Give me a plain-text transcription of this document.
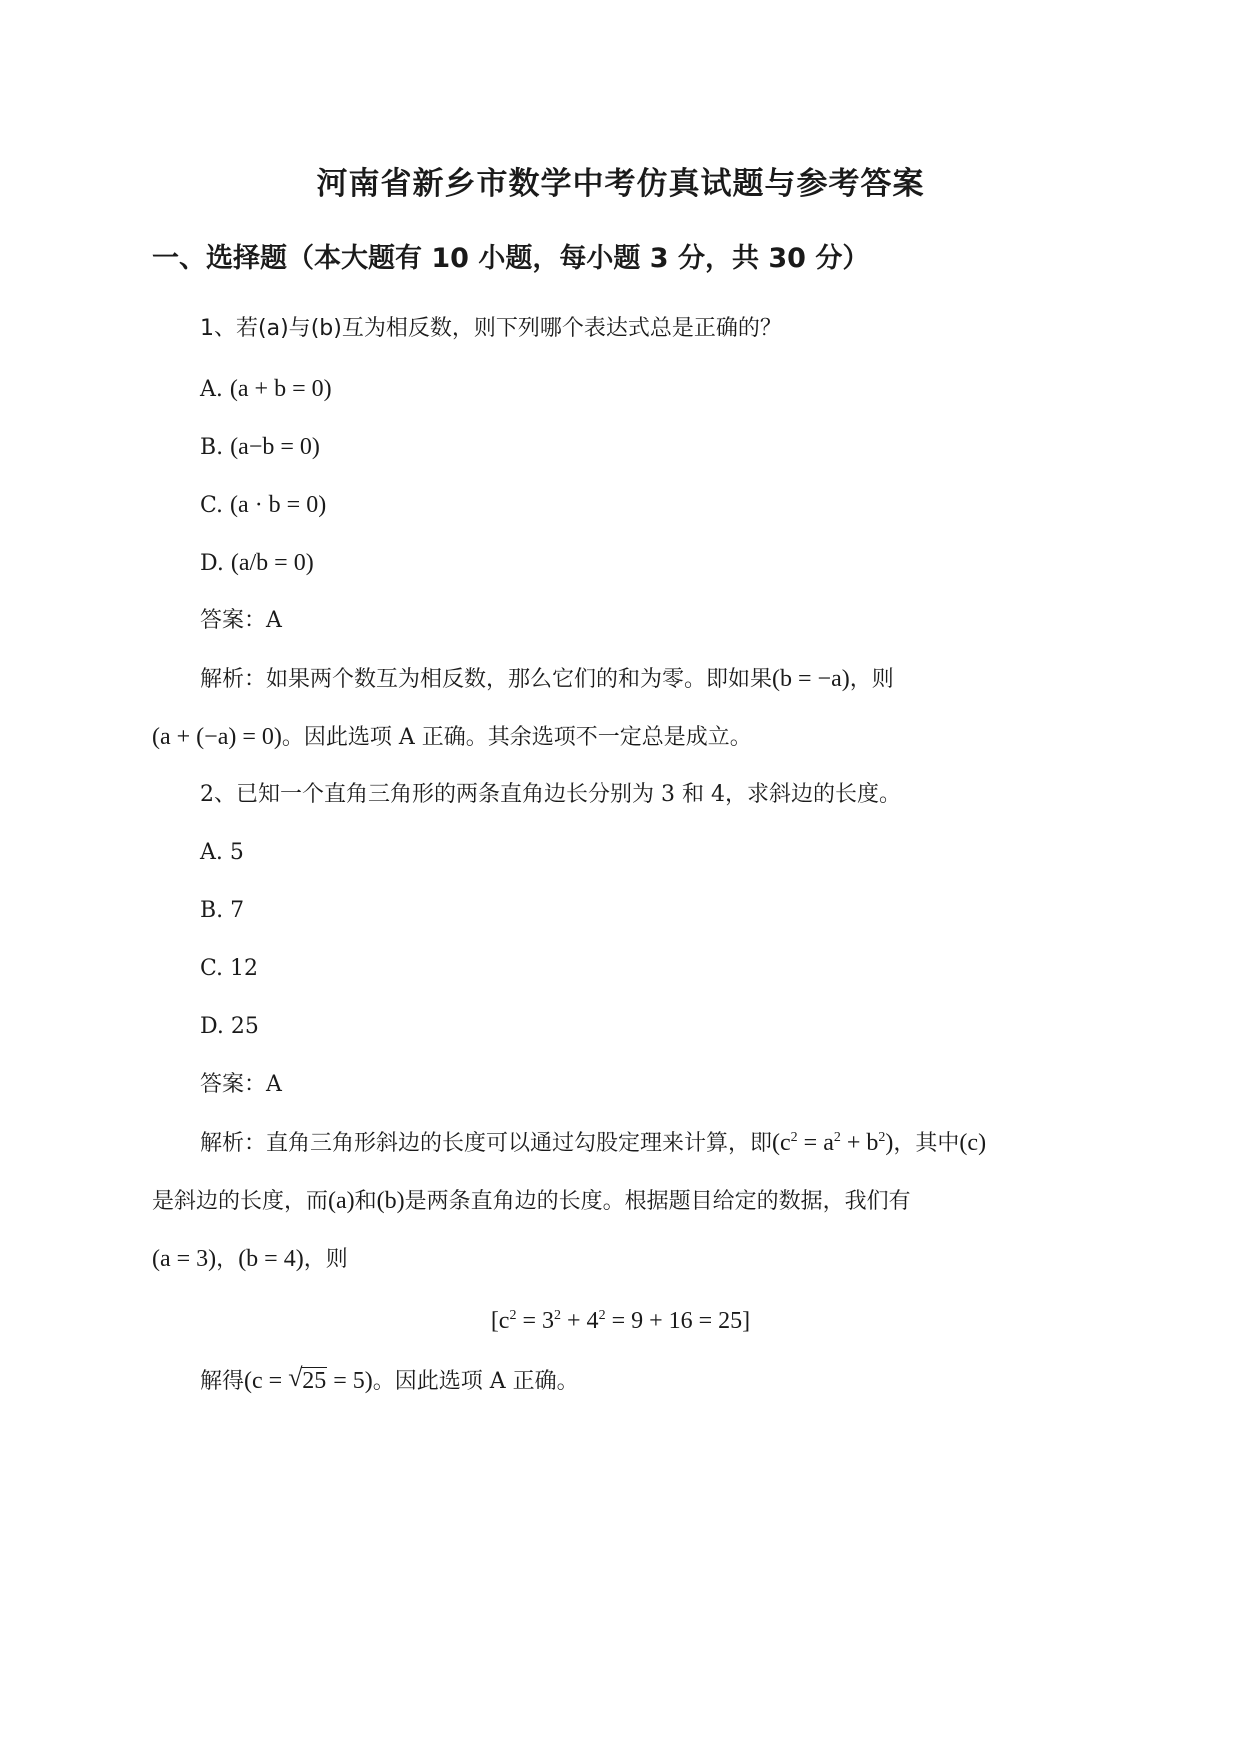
河南省新乡市数学中考仿真试题与参考答案
一、选择题（本大题有 10 小题，每小题 3 分，共 30 分）
1、若(a)与(b)互为相反数，则下列哪个表达式总是正确的？
A. (a + b = 0)
B. (a−b = 0)
C. (a · b = 0)
D. (a/b = 0)
答案：A
解析：如果两个数互为相反数，那么它们的和为零。即如果(b = −a)，则
(a + (−a) = 0)。因此选项 A 正确。其余选项不一定总是成立。
2、已知一个直角三角形的两条直角边长分别为 3 和 4，求斜边的长度。
A. 5
B. 7
C. 12
D. 25
答案：A
解析：直角三角形斜边的长度可以通过勾股定理来计算，即$(c^2 = a^2 + b^2)$，其中(c)
是斜边的长度，而(a)和(b)是两条直角边的长度。根据题目给定的数据，我们有
(a = 3)，(b = 4)，则
$[c^2 = 3^2 + 4^2 = 9 + 16 = 25]$
解得(c = √ 25 = 5)。因此选项 A 正确。
